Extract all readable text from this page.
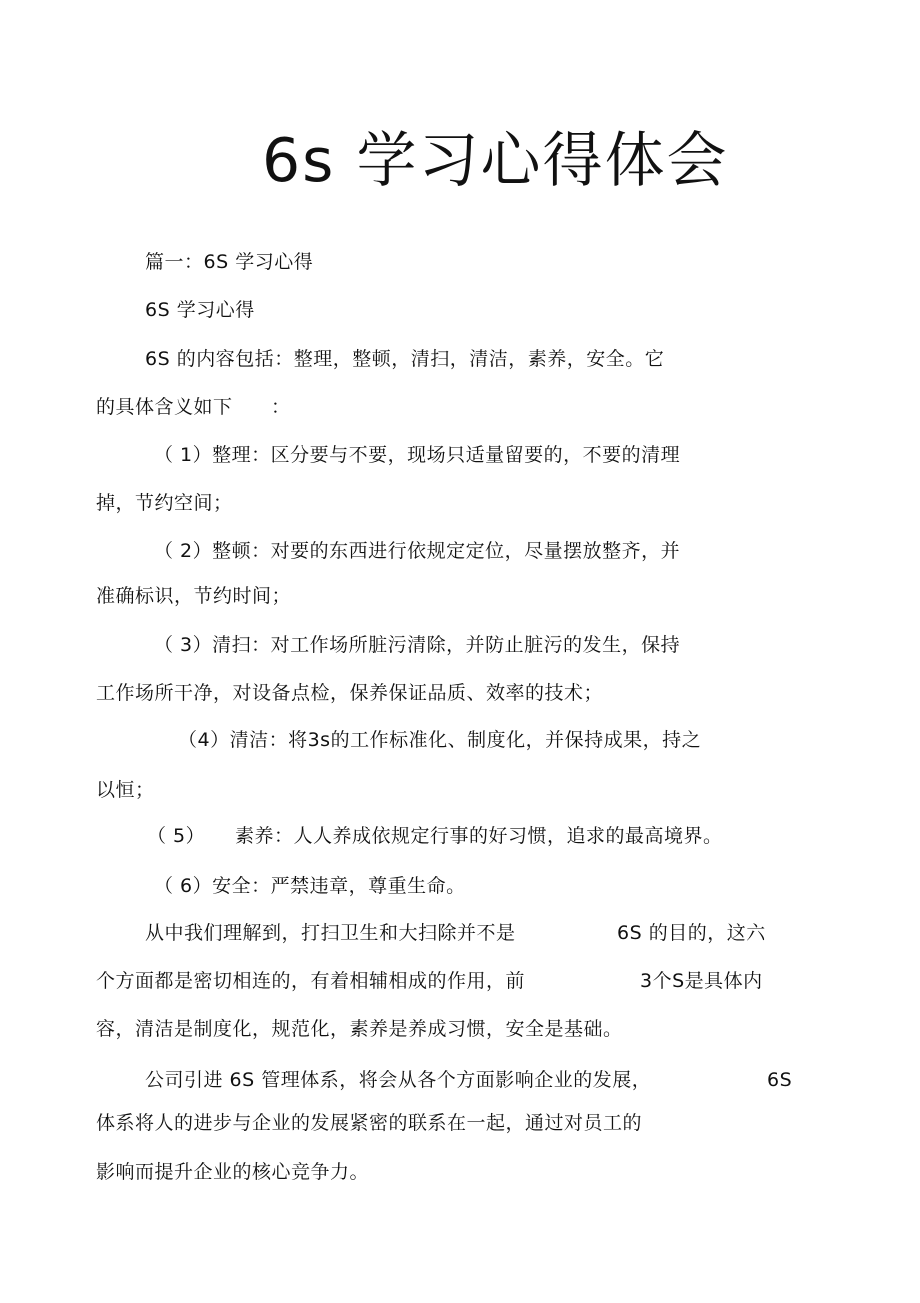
6s 学习心得体会
篇一：6S 学习心得
6S 学习心得
6S 的内容包括：整理，整顿，清扫，清洁，素养，安全。它
的具体含义如下 ：
（ 1）整理：区分要与不要，现场只适量留要的，不要的清理
掉，节约空间；
（ 2）整顿：对要的东西进行依规定定位，尽量摆放整齐，并
准确标识，节约时间；
（ 3）清扫：对工作场所脏污清除，并防止脏污的发生，保持
工作场所干净，对设备点检，保养保证品质、效率的技术；
（4）清洁：将3s的工作标准化、制度化，并保持成果，持之
以恒；
（ 5） 素养：人人养成依规定行事的好习惯，追求的最高境界。
（ 6）安全：严禁违章，尊重生命。
从中我们理解到，打扫卫生和大扫除并不是	6S 的目的，这六
个方面都是密切相连的，有着相辅相成的作用，前	3个S是具体内
容，清洁是制度化，规范化，素养是养成习惯，安全是基础。
公司引进 6S 管理体系，将会从各个方面影响企业的发展，	6S
体系将人的进步与企业的发展紧密的联系在一起，通过对员工的
影响而提升企业的核心竞争力。
